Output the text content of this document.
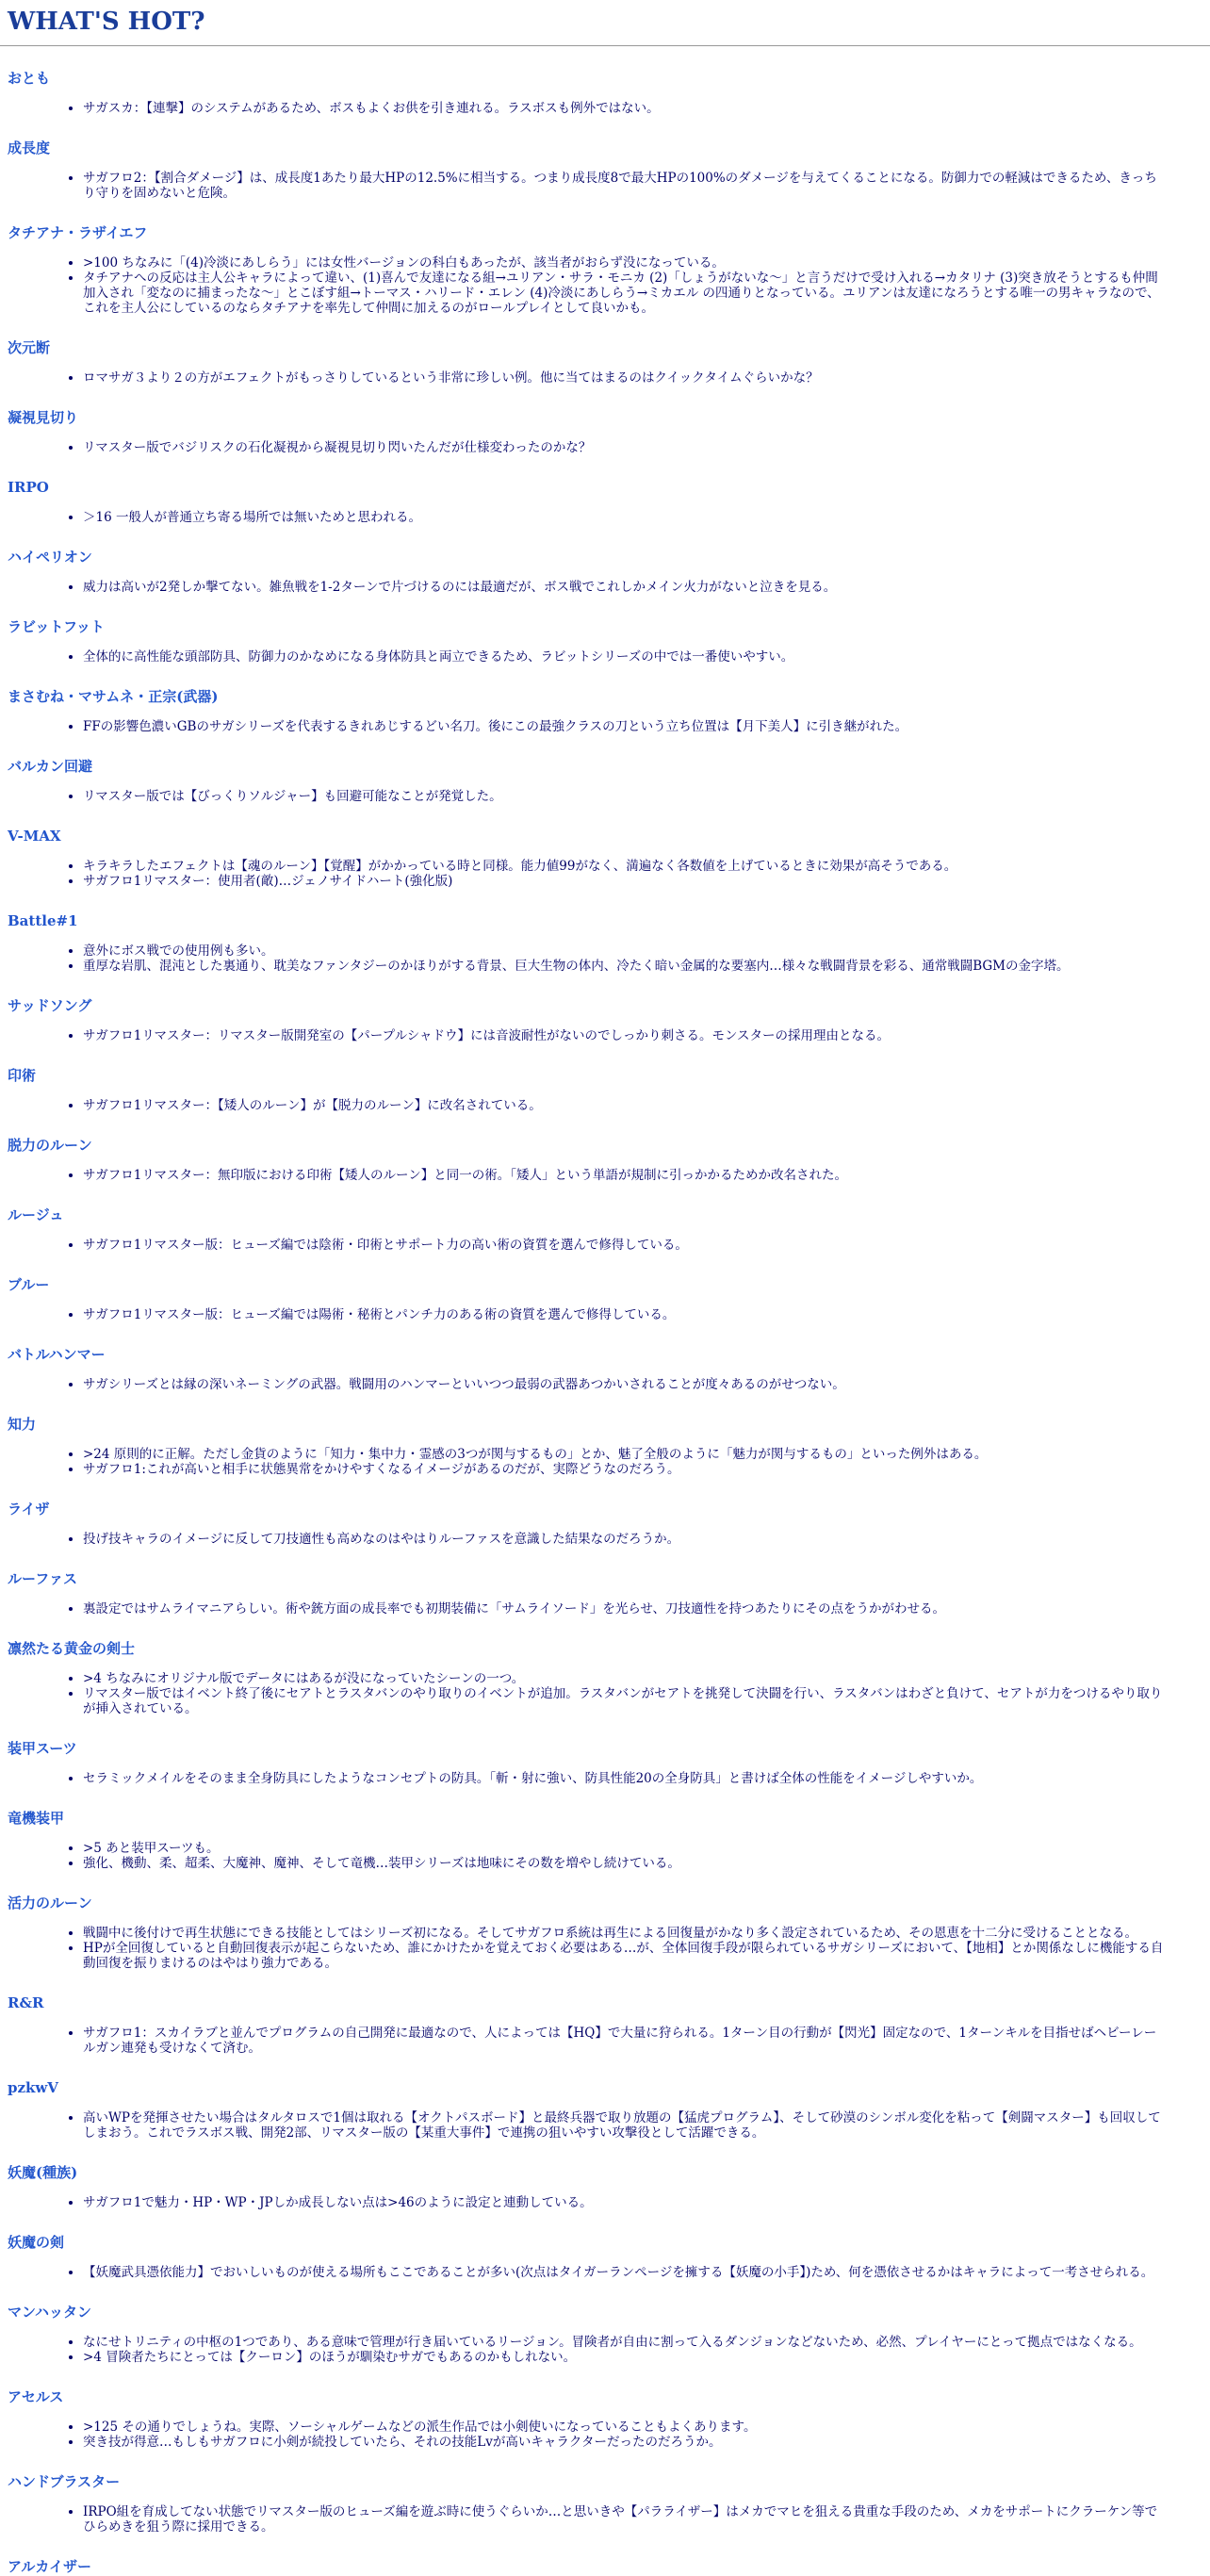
WHAT'S HOT?
おとも
• サガスカ：【連撃】のシステムがあるため、ボスもよくお供を引き連れる。ラスボスも例外ではない。
成長度
• サガフロ2：【割合ダメージ】は、成長度1あたり最大HPの12.5%に相当する。つまり成長度8で最大HPの100%のダメージを与えてくることになる。防御力での軽減はできるため、きっちり守りを固めないと危険。
タチアナ・ラザイエフ
• >100 ちなみに「(4)冷淡にあしらう」には女性バージョンの科白もあったが、該当者がおらず没になっている。
• タチアナへの反応は主人公キャラによって違い、(1)喜んで友達になる組→ユリアン・サラ・モニカ (2)「しょうがないな～」と言うだけで受け入れる→カタリナ (3)突き放そうとするも仲間加入され「変なのに捕まったな～」とこぼす組→トーマス・ハリード・エレン (4)冷淡にあしらう→ミカエル の四通りとなっている。ユリアンは友達になろうとする唯一の男キャラなので、これを主人公にしているのならタチアナを率先して仲間に加えるのがロールプレイとして良いかも。
次元断
• ロマサガ３より２の方がエフェクトがもっさりしているという非常に珍しい例。他に当てはまるのはクイックタイムぐらいかな？
凝視見切り
• リマスター版でバジリスクの石化凝視から凝視見切り閃いたんだが仕様変わったのかな？
IRPO
• ＞16 一般人が普通立ち寄る場所では無いためと思われる。
ハイペリオン
• 威力は高いが2発しか撃てない。雑魚戦を1-2ターンで片づけるのには最適だが、ボス戦でこれしかメイン火力がないと泣きを見る。
ラビットフット
• 全体的に高性能な頭部防具、防御力のかなめになる身体防具と両立できるため、ラビットシリーズの中では一番使いやすい。
まさむね・マサムネ・正宗(武器)
• FFの影響色濃いGBのサガシリーズを代表するきれあじするどい名刀。後にこの最強クラスの刀という立ち位置は【月下美人】に引き継がれた。
バルカン回避
• リマスター版では【びっくりソルジャー】も回避可能なことが発覚した。
V-MAX
• キラキラしたエフェクトは【魂のルーン】【覚醒】がかかっている時と同様。能力値99がなく、満遍なく各数値を上げているときに効果が高そうである。
• サガフロ1リマスター：使用者(敵)…ジェノサイドハート(強化版)
Battle#1
• 意外にボス戦での使用例も多い。
• 重厚な岩肌、混沌とした裏通り、耽美なファンタジーのかほりがする背景、巨大生物の体内、冷たく暗い金属的な要塞内…様々な戦闘背景を彩る、通常戦闘BGMの金字塔。
サッドソング
• サガフロ1リマスター：リマスター版開発室の【パープルシャドウ】には音波耐性がないのでしっかり刺さる。モンスターの採用理由となる。
印術
• サガフロ1リマスター：【矮人のルーン】が【脱力のルーン】に改名されている。
脱力のルーン
• サガフロ1リマスター：無印版における印術【矮人のルーン】と同一の術。「矮人」という単語が規制に引っかかるためか改名された。
ルージュ
• サガフロ1リマスター版：ヒューズ編では陰術・印術とサポート力の高い術の資質を選んで修得している。
ブルー
• サガフロ1リマスター版：ヒューズ編では陽術・秘術とパンチ力のある術の資質を選んで修得している。
バトルハンマー
• サガシリーズとは縁の深いネーミングの武器。戦闘用のハンマーといいつつ最弱の武器あつかいされることが度々あるのがせつない。
知力
• >24 原則的に正解。ただし金貨のように「知力・集中力・霊感の3つが関与するもの」とか、魅了全般のように「魅力が関与するもの」といった例外はある。
• サガフロ1:これが高いと相手に状態異常をかけやすくなるイメージがあるのだが、実際どうなのだろう。
ライザ
• 投げ技キャラのイメージに反して刀技適性も高めなのはやはりルーファスを意識した結果なのだろうか。
ルーファス
• 裏設定ではサムライマニアらしい。術や銃方面の成長率でも初期装備に「サムライソード」を光らせ、刀技適性を持つあたりにその点をうかがわせる。
凛然たる黄金の剣士
• >4 ちなみにオリジナル版でデータにはあるが没になっていたシーンの一つ。
• リマスター版ではイベント終了後にセアトとラスタバンのやり取りのイベントが追加。ラスタバンがセアトを挑発して決闘を行い、ラスタバンはわざと負けて、セアトが力をつけるやり取りが挿入されている。
装甲スーツ
• セラミックメイルをそのまま全身防具にしたようなコンセプトの防具。「斬・射に強い、防具性能20の全身防具」と書けば全体の性能をイメージしやすいか。
竜機装甲
• >5 あと装甲スーツも。
• 強化、機動、柔、超柔、大魔神、魔神、そして竜機…装甲シリーズは地味にその数を増やし続けている。
活力のルーン
• 戦闘中に後付けで再生状態にできる技能としてはシリーズ初になる。そしてサガフロ系統は再生による回復量がかなり多く設定されているため、その恩恵を十二分に受けることとなる。
• HPが全回復していると自動回復表示が起こらないため、誰にかけたかを覚えておく必要はある…が、全体回復手段が限られているサガシリーズにおいて、【地相】とか関係なしに機能する自動回復を振りまけるのはやはり強力である。
R&R
• サガフロ1：スカイラブと並んでプログラムの自己開発に最適なので、人によっては【HQ】で大量に狩られる。1ターン目の行動が【閃光】固定なので、1ターンキルを目指せばヘビーレールガン連発も受けなくて済む。
pzkwV
• 高いWPを発揮させたい場合はタルタロスで1個は取れる【オクトパスボード】と最終兵器で取り放題の【猛虎プログラム】、そして砂漠のシンボル変化を粘って【剣闘マスター】も回収してしまおう。これでラスボス戦、開発2部、リマスター版の【某重大事件】で連携の狙いやすい攻撃役として活躍できる。
妖魔(種族)
• サガフロ1で魅力・HP・WP・JPしか成長しない点は>46のように設定と連動している。
妖魔の剣
• 【妖魔武具憑依能力】でおいしいものが使える場所もここであることが多い(次点はタイガーランページを擁する【妖魔の小手】)ため、何を憑依させるかはキャラによって一考させられる。
マンハッタン
• なにせトリニティの中枢の1つであり、ある意味で管理が行き届いているリージョン。冒険者が自由に割って入るダンジョンなどないため、必然、プレイヤーにとって拠点ではなくなる。
• >4 冒険者たちにとっては【クーロン】のほうが馴染むサガでもあるのかもしれない。
アセルス
• >125 その通りでしょうね。実際、ソーシャルゲームなどの派生作品では小剣使いになっていることもよくあります。
• 突き技が得意…もしもサガフロに小剣が続投していたら、それの技能Lvが高いキャラクターだったのだろうか。
ハンドブラスター
• IRPO組を育成してない状態でリマスター版のヒューズ編を遊ぶ時に使うぐらいか…と思いきや【パラライザー】はメカでマヒを狙える貴重な手段のため、メカをサポートにクラーケン等でひらめきを狙う際に採用できる。
アルカイザー
